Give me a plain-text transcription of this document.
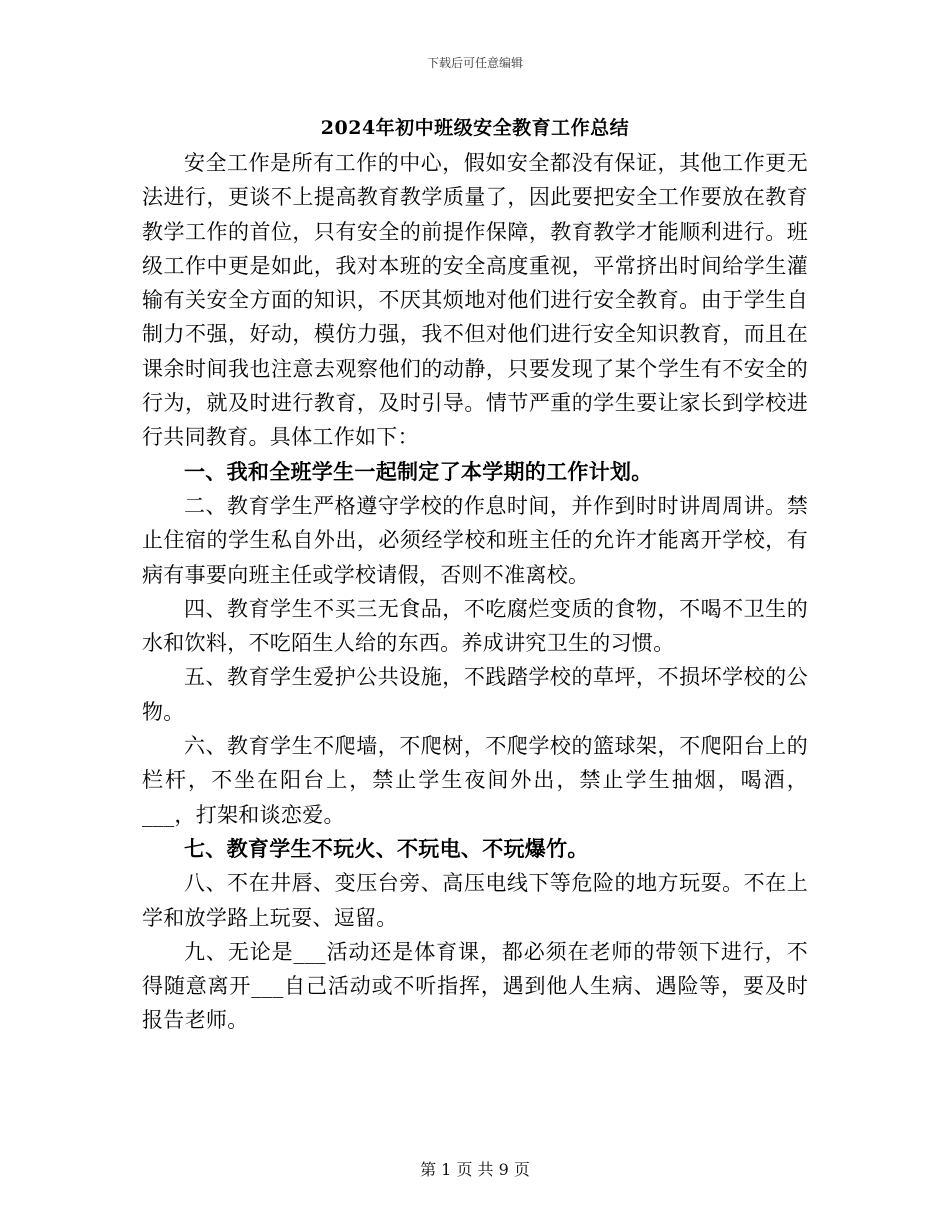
下载后可任意编辑
2024年初中班级安全教育工作总结

安全工作是所有工作的中心，假如安全都没有保证，其他工作更无法进行，更谈不上提高教育教学质量了，因此要把安全工作要放在教育教学工作的首位，只有安全的前提作保障，教育教学才能顺利进行。班级工作中更是如此，我对本班的安全高度重视，平常挤出时间给学生灌输有关安全方面的知识，不厌其烦地对他们进行安全教育。由于学生自制力不强，好动，模仿力强，我不但对他们进行安全知识教育，而且在课余时间我也注意去观察他们的动静，只要发现了某个学生有不安全的行为，就及时进行教育，及时引导。情节严重的学生要让家长到学校进行共同教育。具体工作如下：

一、我和全班学生一起制定了本学期的工作计划。

二、教育学生严格遵守学校的作息时间，并作到时时讲周周讲。禁止住宿的学生私自外出，必须经学校和班主任的允许才能离开学校，有病有事要向班主任或学校请假，否则不准离校。

四、教育学生不买三无食品，不吃腐烂变质的食物，不喝不卫生的水和饮料，不吃陌生人给的东西。养成讲究卫生的习惯。

五、教育学生爱护公共设施，不践踏学校的草坪，不损坏学校的公物。

六、教育学生不爬墙，不爬树，不爬学校的篮球架，不爬阳台上的栏杆，不坐在阳台上，禁止学生夜间外出，禁止学生抽烟，喝酒，___，打架和谈恋爱。

七、教育学生不玩火、不玩电、不玩爆竹。

八、不在井唇、变压台旁、高压电线下等危险的地方玩耍。不在上学和放学路上玩耍、逗留。

九、无论是___活动还是体育课，都必须在老师的带领下进行，不得随意离开___自己活动或不听指挥，遇到他人生病、遇险等，要及时报告老师。

第 1 页 共 9 页
